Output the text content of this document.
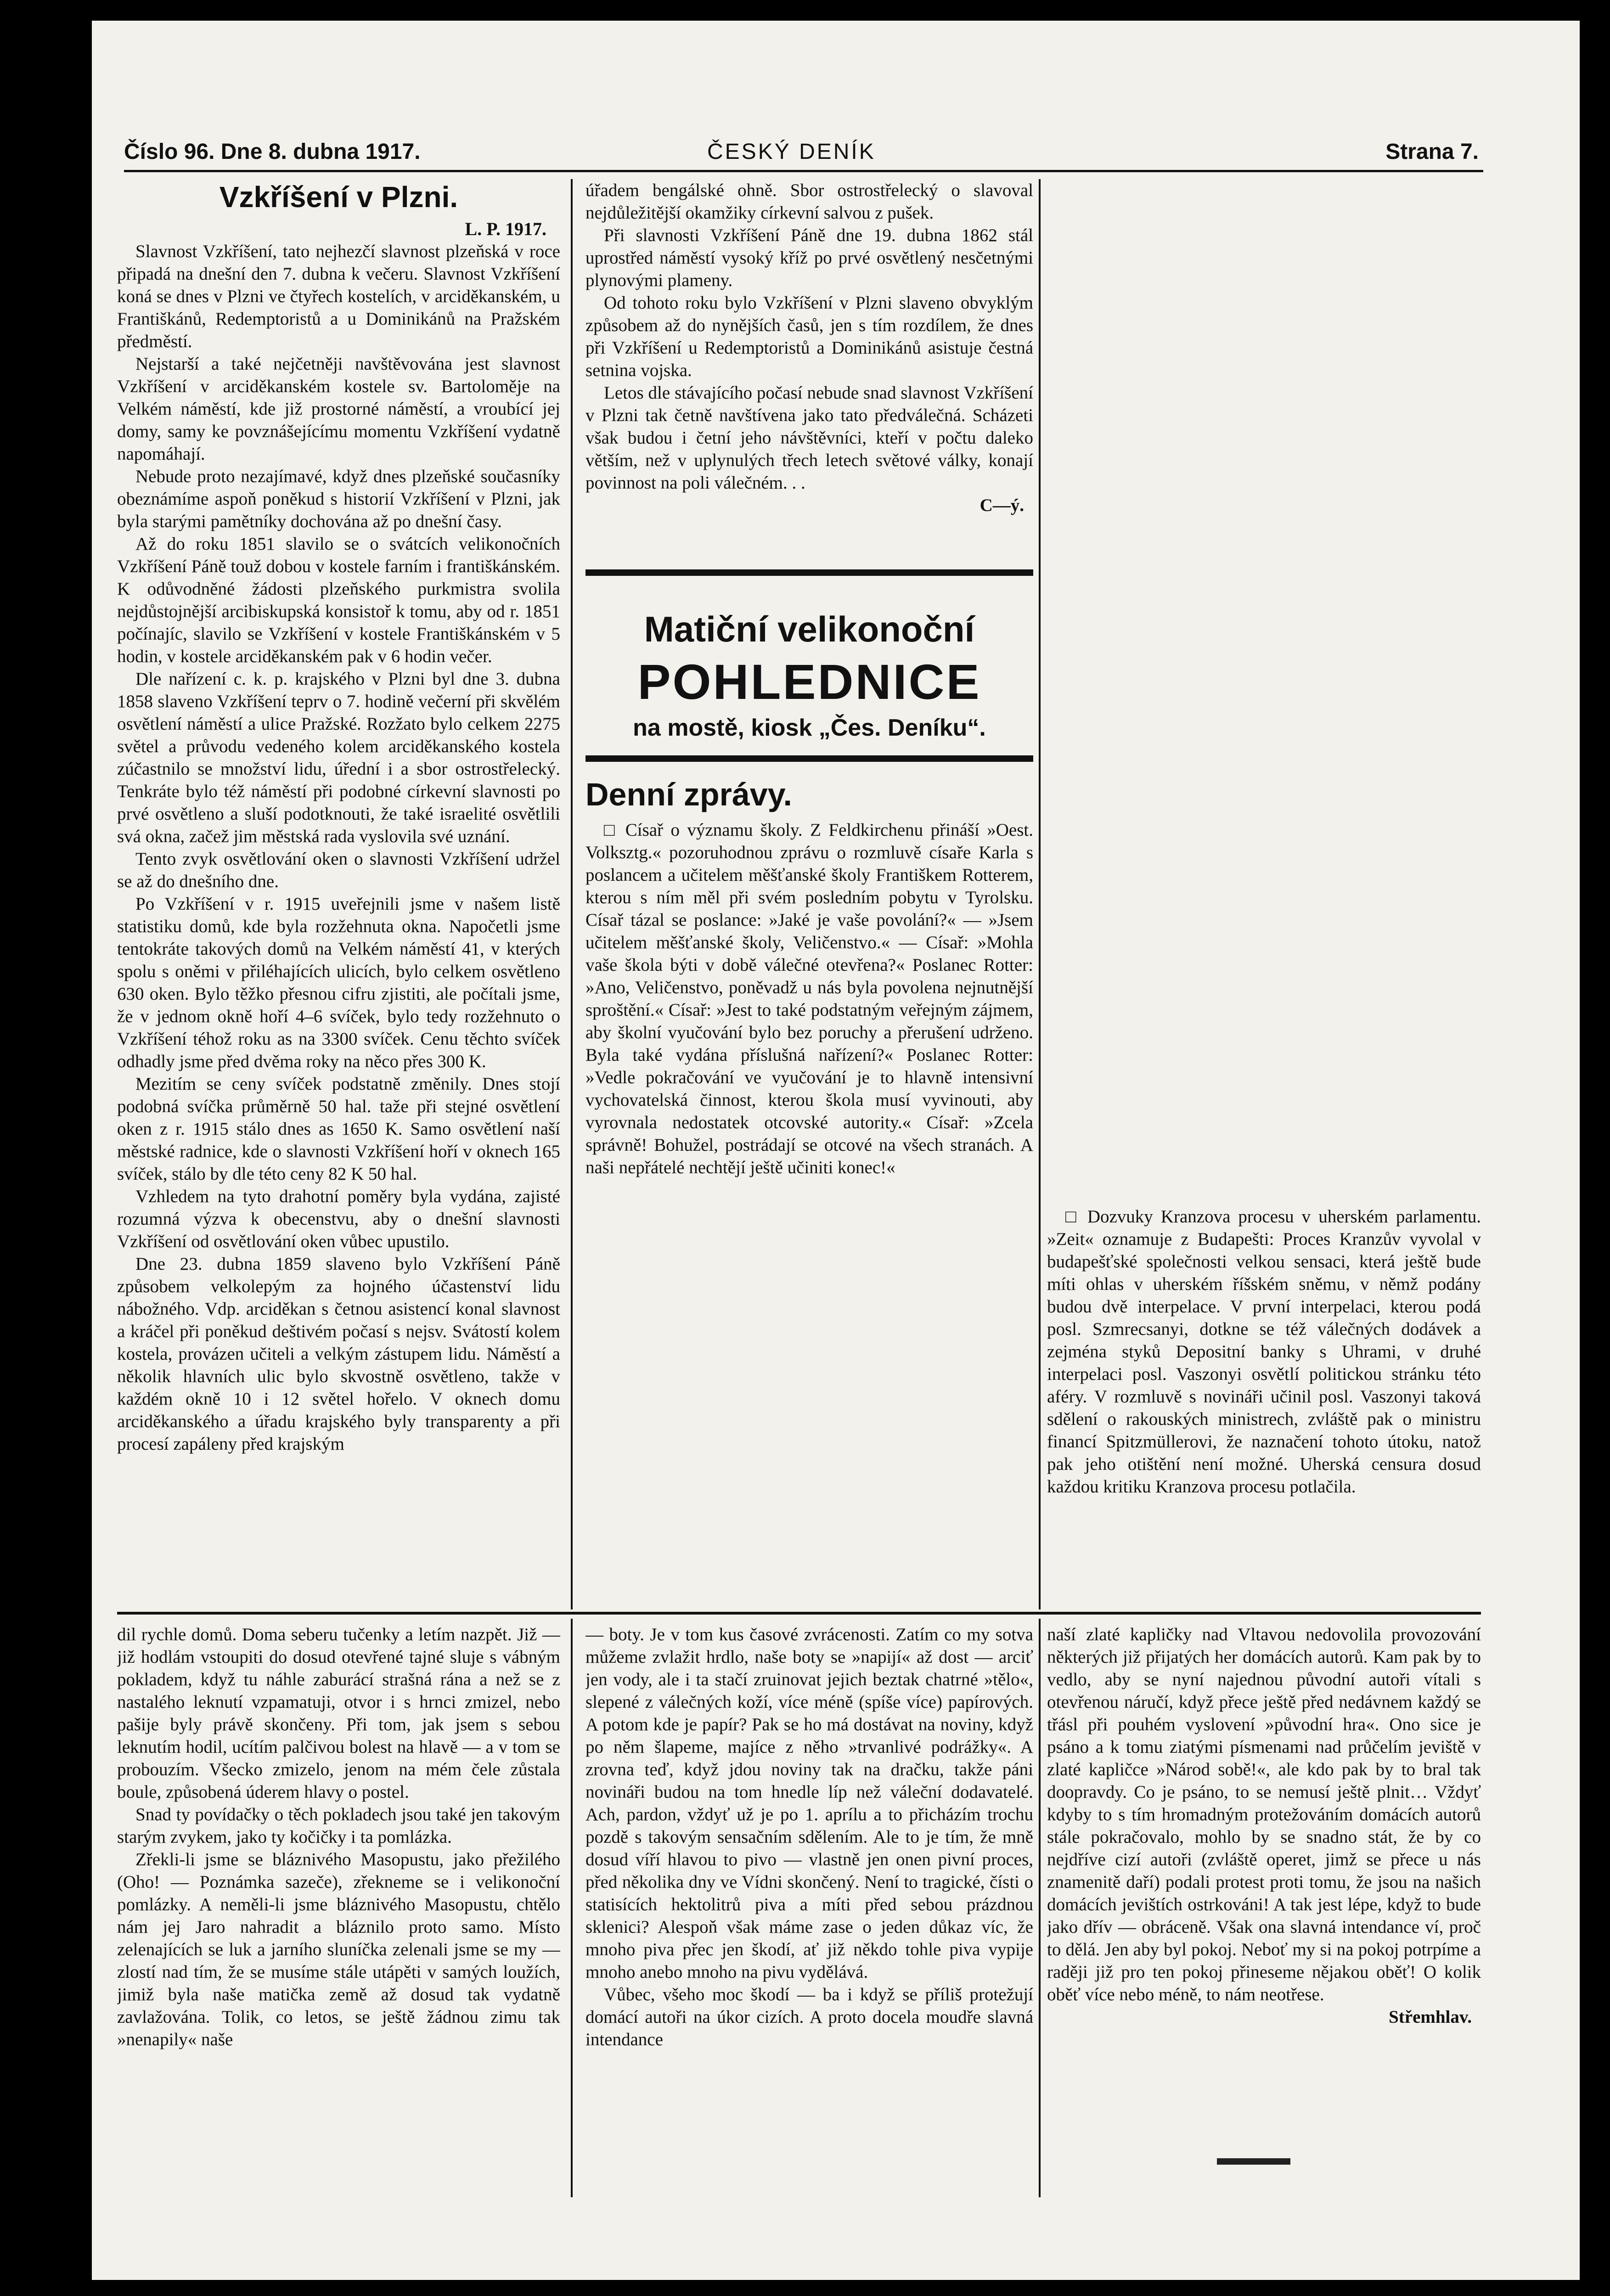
Číslo 96. Dne 8. dubna 1917.	ČESKÝ DENÍK	Strana 7.
Vzkříšení v Plzni.
L. P. 1917.

Slavnost Vzkříšení, tato nejhezčí slavnost plzeňská v roce připadá na dnešní den 7. dubna k večeru. Slavnost Vzkříšení koná se dnes v Plzni ve čtyřech kostelích, v arciděkanském, u Františkánů, Redemptoristů a u Dominikánů na Pražském předměstí.

Nejstarší a také nejčetněji navštěvována jest slavnost Vzkříšení v arciděkanském kostele sv. Bartoloměje na Velkém náměstí, kde již prostorné náměstí, a vroubící jej domy, samy ke povznášejícímu momentu Vzkříšení vydatně napomáhají.

Nebude proto nezajímavé, když dnes plzeňské současníky obeznámíme aspoň poněkud s historií Vzkříšení v Plzni, jak byla starými pamětníky dochována až po dnešní časy.

Až do roku 1851 slavilo se o svátcích velikonočních Vzkříšení Páně touž dobou v kostele farním i františkánském. K odůvodněné žádosti plzeňského purkmistra svolila nejdůstojnější arcibiskupská konsistoř k tomu, aby od r. 1851 počínajíc, slavilo se Vzkříšení v kostele Františkánském v 5 hodin, v kostele arciděkanském pak v 6 hodin večer.

Dle nařízení c. k. p. krajského v Plzni byl dne 3. dubna 1858 slaveno Vzkříšení teprv o 7. hodině večerní při skvělém osvětlení náměstí a ulice Pražské. Rozžato bylo celkem 2275 světel a průvodu vedeného kolem arciděkanského kostela zúčastnilo se množství lidu, úřední i a sbor ostrostřelecký. Tenkráte bylo též náměstí při podobné církevní slavnosti po prvé osvětleno a sluší podotknouti, že také israelité osvětlili svá okna, začež jim městská rada vyslovila své uznání.

Tento zvyk osvětlování oken o slavnosti Vzkříšení udržel se až do dnešního dne.

Po Vzkříšení v r. 1915 uveřejnili jsme v našem listě statistiku domů, kde byla rozžehnuta okna. Napočetli jsme tentokráte takových domů na Velkém náměstí 41, v kterých spolu s oněmi v přiléhajících ulicích, bylo celkem osvětleno 630 oken. Bylo těžko přesnou cifru zjistiti, ale počítali jsme, že v jednom okně hoří 4–6 svíček, bylo tedy rozžehnuto o Vzkříšení téhož roku as na 3300 svíček. Cenu těchto svíček odhadly jsme před dvěma roky na něco přes 300 K.

Mezitím se ceny svíček podstatně změnily. Dnes stojí podobná svíčka průměrně 50 hal. taže při stejné osvětlení oken z r. 1915 stálo dnes as 1650 K. Samo osvětlení naší městské radnice, kde o slavnosti Vzkříšení hoří v oknech 165 svíček, stálo by dle této ceny 82 K 50 hal.

Vzhledem na tyto drahotní poměry byla vydána, zajisté rozumná výzva k obecenstvu, aby o dnešní slavnosti Vzkříšení od osvětlování oken vůbec upustilo.

Dne 23. dubna 1859 slaveno bylo Vzkříšení Páně způsobem velkolepým za hojného účastenství lidu nábožného. Vdp. arciděkan s četnou asistencí konal slavnost a kráčel při poněkud deštivém počasí s nejsv. Svátostí kolem kostela, provázen učiteli a velkým zástupem lidu. Náměstí a několik hlavních ulic bylo skvostně osvětleno, takže v každém okně 10 i 12 světel hořelo. V oknech domu arciděkanského a úřadu krajského byly transparenty a při procesí zapáleny před krajským

úřadem bengálské ohně. Sbor ostrostřelecký o slavoval nejdůležitější okamžiky církevní salvou z pušek.

Při slavnosti Vzkříšení Páně dne 19. dubna 1862 stál uprostřed náměstí vysoký kříž po prvé osvětlený nesčetnými plynovými plameny.

Od tohoto roku bylo Vzkříšení v Plzni slaveno obvyklým způsobem až do nynějších časů, jen s tím rozdílem, že dnes při Vzkříšení u Redemptoristů a Dominikánů asistuje čestná setnina vojska.

Letos dle stávajícího počasí nebude snad slavnost Vzkříšení v Plzni tak četně navštívena jako tato předválečná. Scházeti však budou i četní jeho návštěvníci, kteří v počtu daleko větším, než v uplynulých třech letech světové války, konají povinnost na poli válečném. . .

C—ý.
Matiční velikonoční
POHLEDNICE
na mostě, kiosk „Čes. Deníku“.
Denní zprávy.

□ Císař o významu školy. Z Feldkirchenu přináší »Oest. Volksztg.« pozoruhodnou zprávu o rozmluvě císaře Karla s poslancem a učitelem měšťanské školy Františkem Rotterem, kterou s ním měl při svém posledním pobytu v Tyrolsku. Císař tázal se poslance: »Jaké je vaše povolání?« — »Jsem učitelem měšťanské školy, Veličenstvo.« — Císař: »Mohla vaše škola býti v době válečné otevřena?« Poslanec Rotter: »Ano, Veličenstvo, poněvadž u nás byla povolena nejnutnější sproštění.« Císař: »Jest to také podstatným veřejným zájmem, aby školní vyučování bylo bez poruchy a přerušení udrženo. Byla také vydána příslušná nařízení?« Poslanec Rotter: »Vedle pokračování ve vyučování je to hlavně intensivní vychovatelská činnost, kterou škola musí vyvinouti, aby vyrovnala nedostatek otcovské autority.« Císař: »Zcela správně! Bohužel, postrádají se otcové na všech stranách. A naši nepřátelé nechtějí ještě učiniti konec!«

□ Dozvuky Kranzova procesu v uherském parlamentu. »Zeit« oznamuje z Budapešti: Proces Kranzův vyvolal v budapešťské společnosti velkou sensaci, která ještě bude míti ohlas v uherském říšském sněmu, v němž podány budou dvě interpelace. V první interpelaci, kterou podá posl. Szmrecsanyi, dotkne se též válečných dodávek a zejména styků Depositní banky s Uhrami, v druhé interpelaci posl. Vaszonyi osvětlí politickou stránku této aféry. V rozmluvě s novináři učinil posl. Vaszonyi taková sdělení o rakouských ministrech, zvláště pak o ministru financí Spitzmüllerovi, že naznačení tohoto útoku, natož pak jeho otištění není možné. Uherská censura dosud každou kritiku Kranzova procesu potlačila.

dil rychle domů. Doma seberu tučenky a letím nazpět. Již — již hodlám vstoupiti do dosud otevřené tajné sluje s vábným pokladem, když tu náhle zaburácí strašná rána a než se z nastalého leknutí vzpamatuji, otvor i s hrnci zmizel, nebo pašije byly právě skončeny. Při tom, jak jsem s sebou leknutím hodil, ucítím palčivou bolest na hlavě — a v tom se probouzím. Všecko zmizelo, jenom na mém čele zůstala boule, způsobená úderem hlavy o postel.

Snad ty povídačky o těch pokladech jsou také jen takovým starým zvykem, jako ty kočičky i ta pomlázka.

Zřekli-li jsme se bláznivého Masopustu, jako přežilého (Oho! — Poznámka sazeče), zřekneme se i velikonoční pomlázky. A neměli-li jsme bláznivého Masopustu, chtělo nám jej Jaro nahradit a bláznilo proto samo. Místo zelenajících se luk a jarního sluníčka zelenali jsme se my — zlostí nad tím, že se musíme stále utápěti v samých loužích, jimiž byla naše matička země až dosud tak vydatně zavlažována. Tolik, co letos, se ještě žádnou zimu tak »nenapily« naše

— boty. Je v tom kus časové zvrácenosti. Zatím co my sotva můžeme zvlažit hrdlo, naše boty se »napijí« až dost — arciť jen vody, ale i ta stačí zruinovat jejich beztak chatrné »tělo«, slepené z válečných koží, více méně (spíše více) papírových. A potom kde je papír? Pak se ho má dostávat na noviny, když po něm šlapeme, majíce z něho »trvanlivé podrážky«. A zrovna teď, když jdou noviny tak na dračku, takže páni novináři budou na tom hnedle líp než váleční dodavatelé. Ach, pardon, vždyť už je po 1. aprílu a to přicházím trochu pozdě s takovým sensačním sdělením. Ale to je tím, že mně dosud víří hlavou to pivo — vlastně jen onen pivní proces, před několika dny ve Vídni skončený. Není to tragické, čísti o statisících hektolitrů piva a míti před sebou prázdnou sklenici? Alespoň však máme zase o jeden důkaz víc, že mnoho piva přec jen škodí, ať již někdo tohle piva vypije mnoho anebo mnoho na pivu vydělává.

Vůbec, všeho moc škodí — ba i když se příliš protežují domácí autoři na úkor cizích. A proto docela moudře slavná intendance

naší zlaté kapličky nad Vltavou nedovolila provozování některých již přijatých her domácích autorů. Kam pak by to vedlo, aby se nyní najednou původní autoři vítali s otevřenou náručí, když přece ještě před nedávnem každý se třásl při pouhém vyslovení »původní hra«. Ono sice je psáno a k tomu ziatými písmenami nad průčelím jeviště v zlaté kapličce »Národ sobě!«, ale kdo pak by to bral tak doopravdy. Co je psáno, to se nemusí ještě plnit… Vždyť kdyby to s tím hromadným protežováním domácích autorů stále pokračovalo, mohlo by se snadno stát, že by co nejdříve cizí autoři (zvláště operet, jimž se přece u nás znamenitě daří) podali protest proti tomu, že jsou na našich domácích jevištích ostrkováni! A tak jest lépe, když to bude jako dřív — obráceně. Však ona slavná intendance ví, proč to dělá. Jen aby byl pokoj. Neboť my si na pokoj potrpíme a raději již pro ten pokoj přineseme nějakou oběť! O kolik oběť více nebo méně, to nám neotřese.

Střemhlav.
